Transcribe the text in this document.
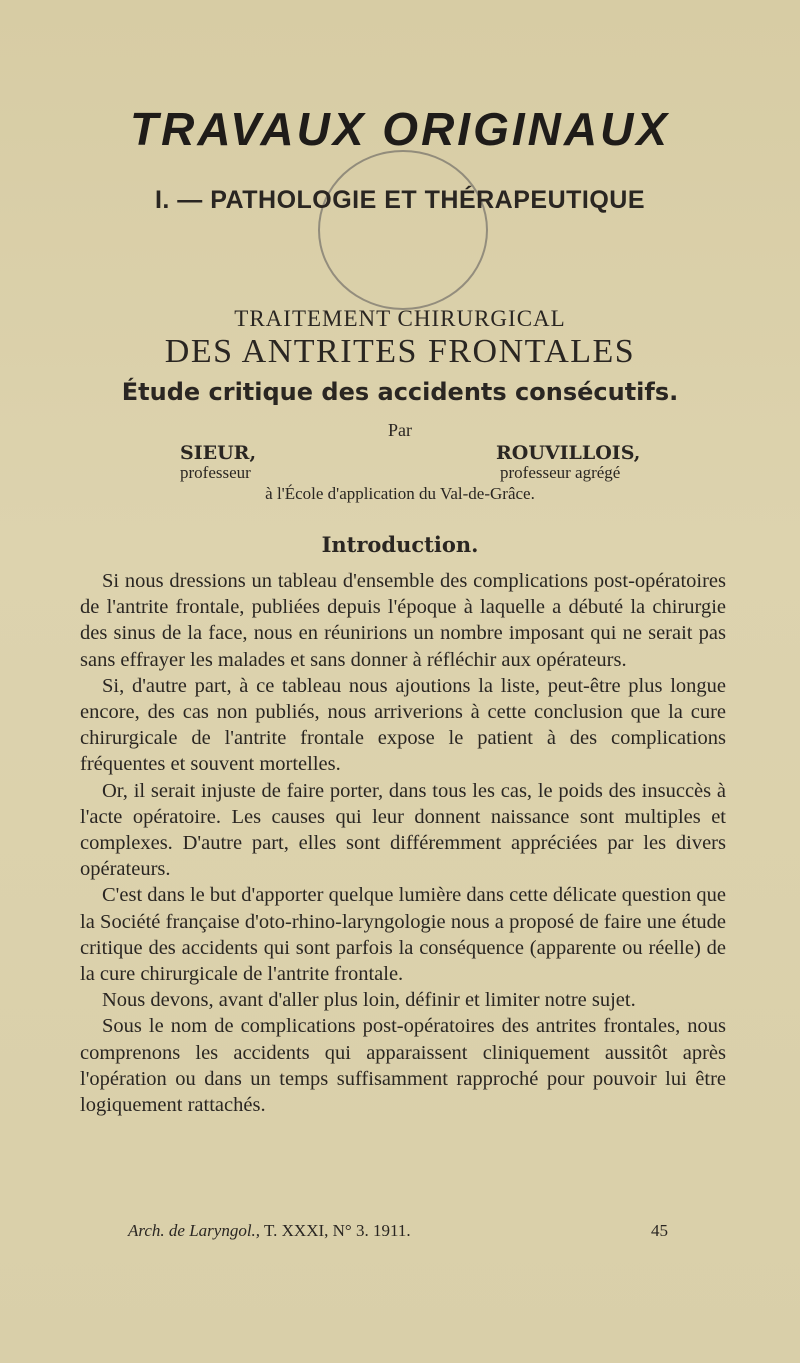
TRAVAUX ORIGINAUX
I. — PATHOLOGIE ET THÉRAPEUTIQUE
TRAITEMENT CHIRURGICAL
DES ANTRITES FRONTALES
Étude critique des accidents consécutifs.
Par
SIEUR,	ROUVILLOIS,
professeur	professeur agrégé
à l'École d'application du Val-de-Grâce.
Introduction.

Si nous dressions un tableau d'ensemble des complications post-opératoires de l'antrite frontale, publiées depuis l'époque à laquelle a débuté la chirurgie des sinus de la face, nous en réunirions un nombre imposant qui ne serait pas sans effrayer les malades et sans donner à réfléchir aux opérateurs.

Si, d'autre part, à ce tableau nous ajoutions la liste, peut-être plus longue encore, des cas non publiés, nous arriverions à cette conclusion que la cure chirurgicale de l'antrite frontale expose le patient à des complications fréquentes et souvent mortelles.

Or, il serait injuste de faire porter, dans tous les cas, le poids des insuccès à l'acte opératoire. Les causes qui leur donnent naissance sont multiples et complexes. D'autre part, elles sont différemment appréciées par les divers opérateurs.

C'est dans le but d'apporter quelque lumière dans cette délicate question que la Société française d'oto-rhino-laryngologie nous a proposé de faire une étude critique des accidents qui sont parfois la conséquence (apparente ou réelle) de la cure chirurgicale de l'antrite frontale.

Nous devons, avant d'aller plus loin, définir et limiter notre sujet.

Sous le nom de complications post-opératoires des antrites frontales, nous comprenons les accidents qui apparaissent cliniquement aussitôt après l'opération ou dans un temps suffisamment rapproché pour pouvoir lui être logiquement rattachés.

Arch. de Laryngol., T. XXXI, N° 3. 1911.	45
